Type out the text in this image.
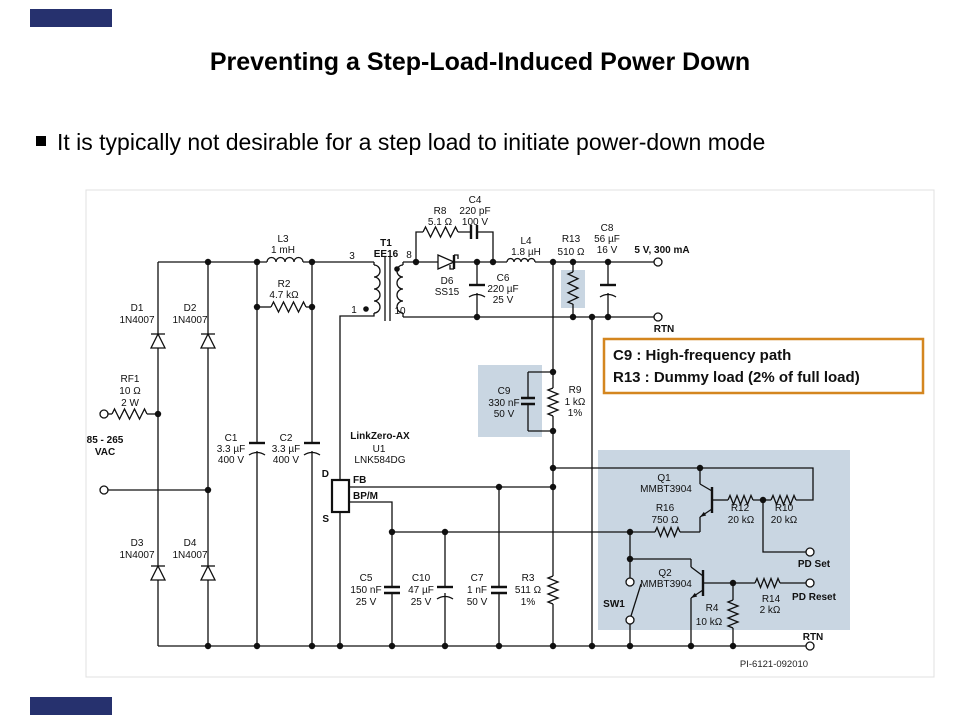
Preventing a Step-Load-Induced Power Down
It is typically not desirable for a step load to initiate power-down mode
L3
1 mH
R2
4.7 kΩ
T1
EE16
3	8
1	10
R8
5.1 Ω
C4
220 pF
100 V
D6
SS15
C6
220 µF
25 V
L4
1.8 µH
R13
510 Ω
C8
56 µF
16 V
D1
1N4007
D2
1N4007
D3
1N4007
D4
1N4007
RF1
10 Ω
2 W
85 - 265
VAC
C1
3.3 µF
400 V
C2
3.3 µF
400 V
LinkZero-AX
U1
LNK584DG
C9
330 nF
50 V
R9
1 kΩ
1%
C5
150 nF
25 V
C10
47 µF
25 V
C7
1 nF
50 V
R3
511 Ω
1%
Q1
MMBT3904
R16
750 Ω
R12
20 kΩ
R10
20 kΩ
Q2
MMBT3904
R14
2 kΩ
R4
10 kΩ
SW1
5 V, 300 mA
RTN
PD Set
PD Reset
RTN
D
FB
BP/M
S
C9 : High-frequency path
R13 : Dummy load (2% of full load)
PI-6121-092010
